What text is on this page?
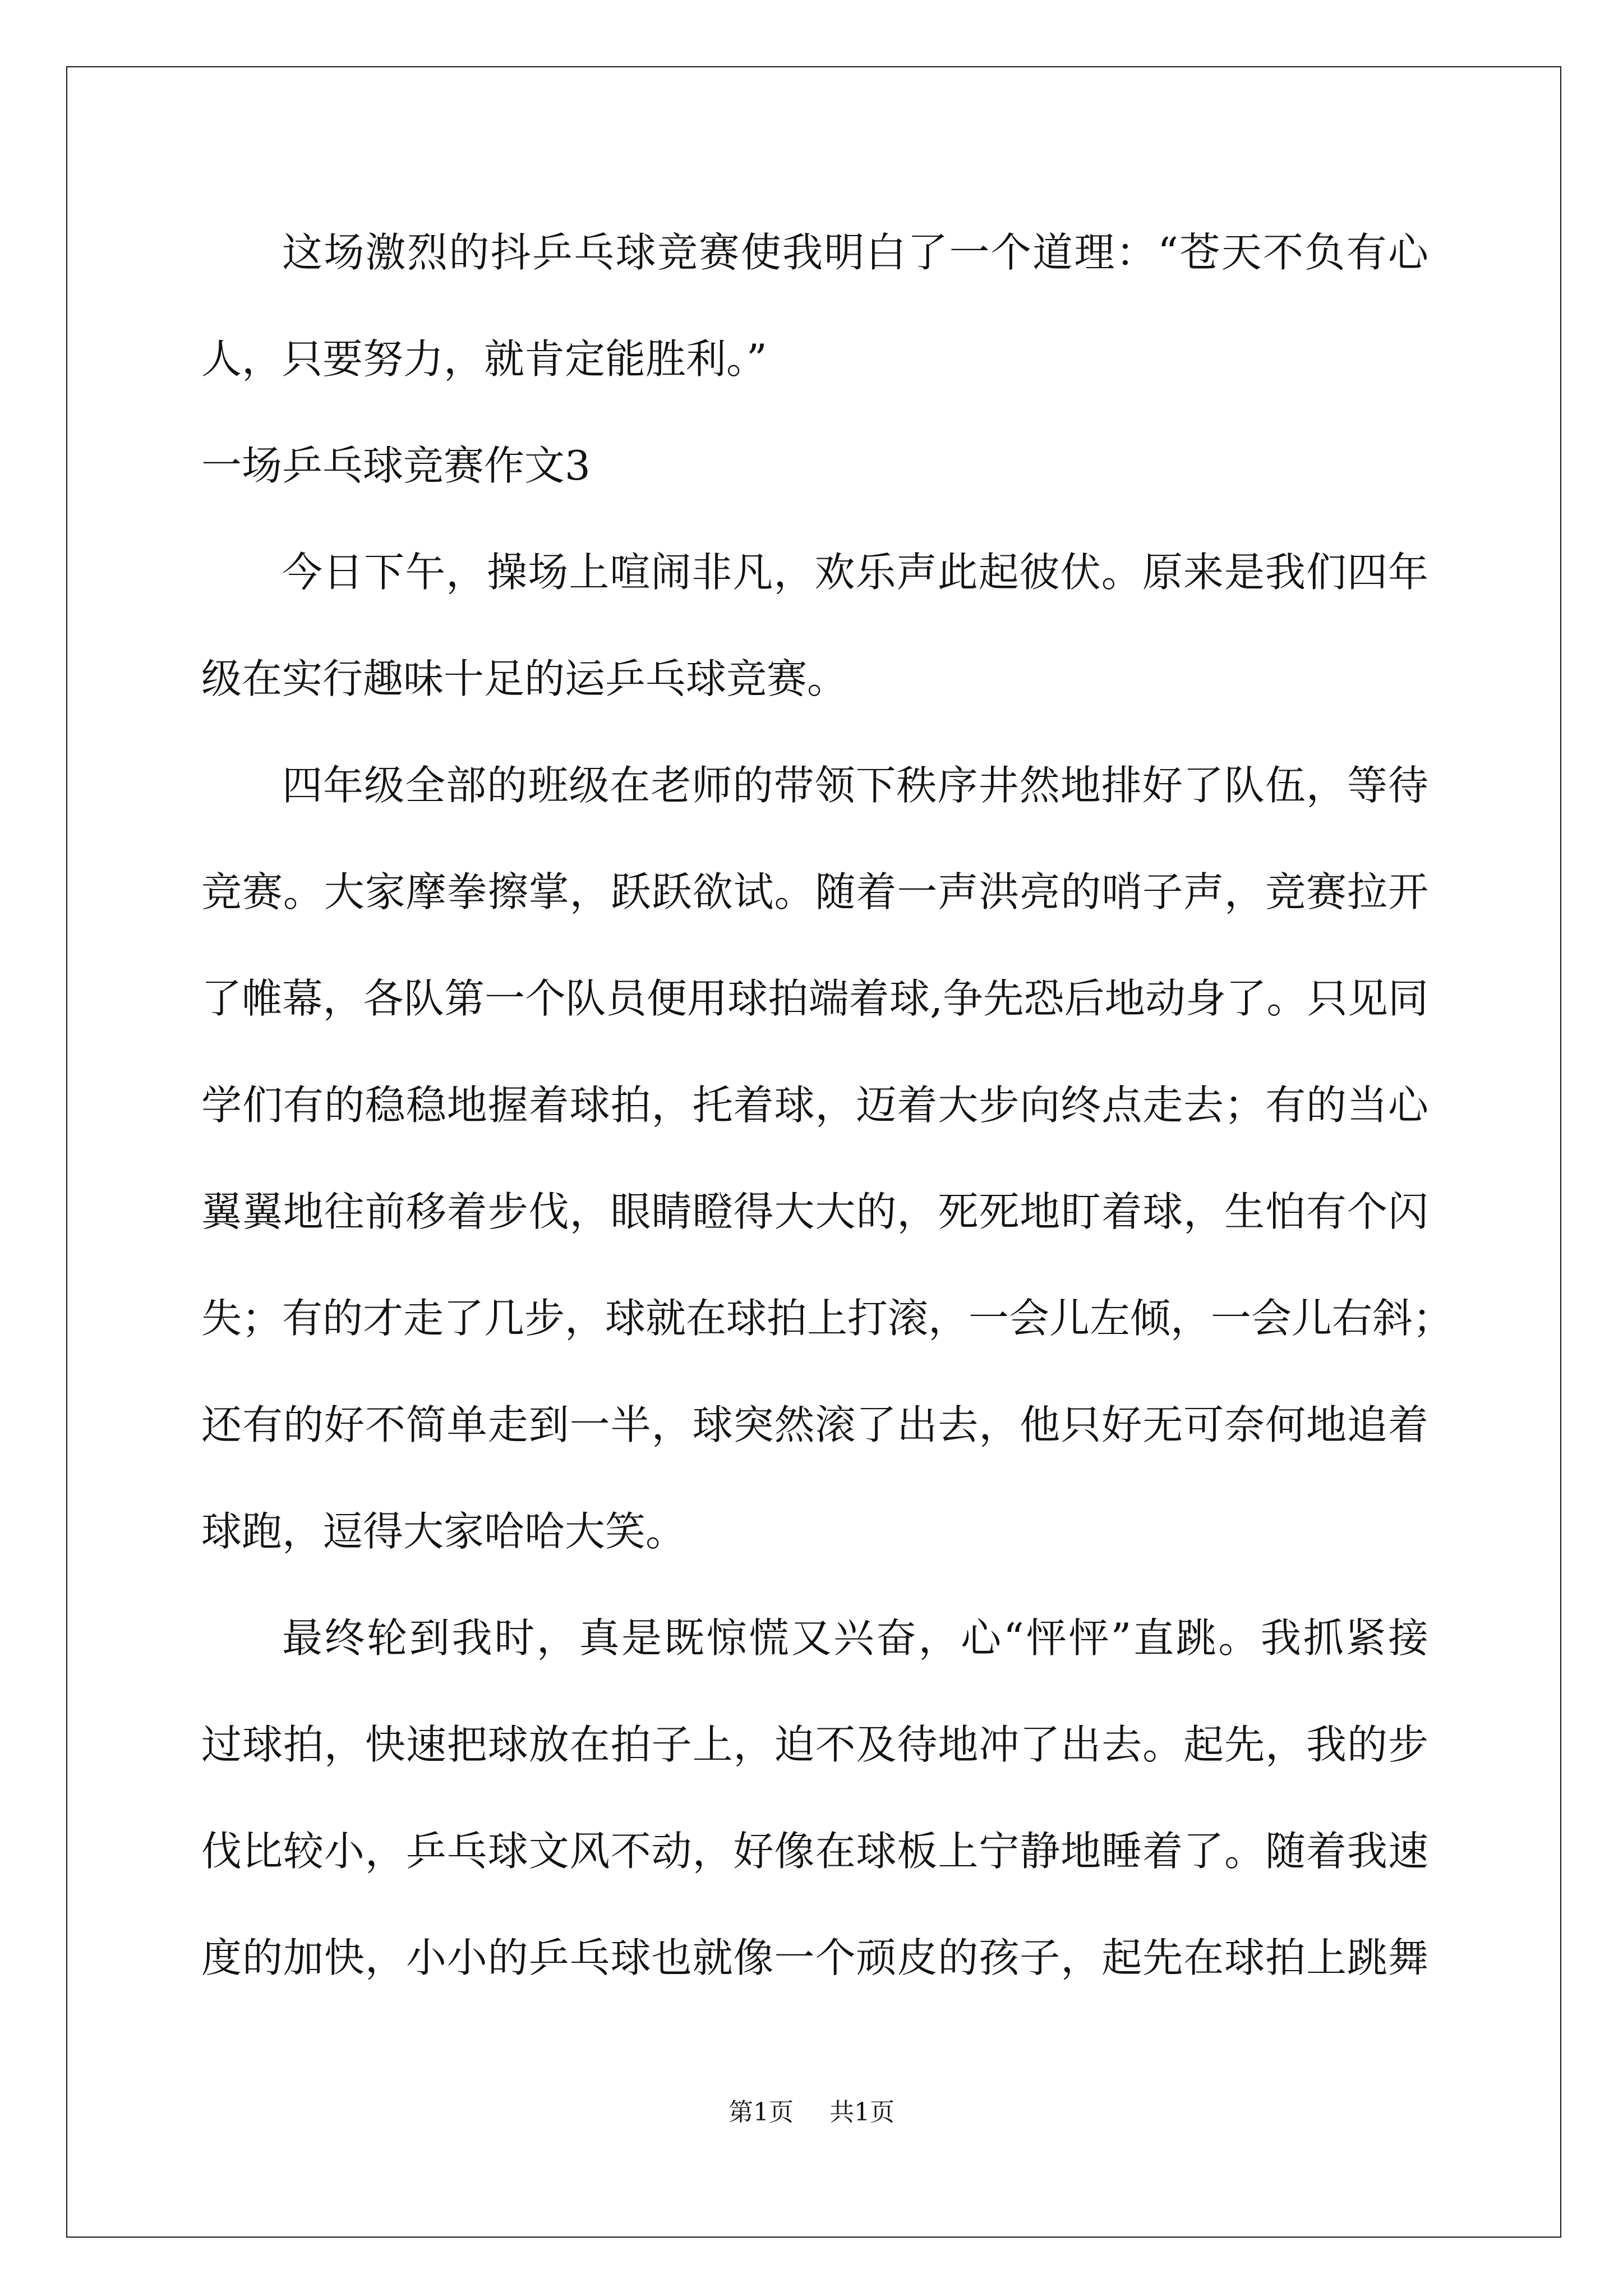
这场激烈的抖乒乓球竞赛使我明白了一个道理：“苍天不负有心
人，只要努力，就肯定能胜利。”
一场乒乓球竞赛作文3
今日下午，操场上喧闹非凡，欢乐声此起彼伏。原来是我们四年
级在实行趣味十足的运乒乓球竞赛。
四年级全部的班级在老师的带领下秩序井然地排好了队伍，等待
竞赛。大家摩拳擦掌，跃跃欲试。随着一声洪亮的哨子声，竞赛拉开
了帷幕，各队第一个队员便用球拍端着球,争先恐后地动身了。只见同
学们有的稳稳地握着球拍，托着球，迈着大步向终点走去；有的当心
翼翼地往前移着步伐，眼睛瞪得大大的，死死地盯着球，生怕有个闪
失；有的才走了几步，球就在球拍上打滚，一会儿左倾，一会儿右斜；
还有的好不简单走到一半，球突然滚了出去，他只好无可奈何地追着
球跑，逗得大家哈哈大笑。
最终轮到我时，真是既惊慌又兴奋，心“怦怦”直跳。我抓紧接
过球拍，快速把球放在拍子上，迫不及待地冲了出去。起先，我的步
伐比较小，乒乓球文风不动，好像在球板上宁静地睡着了。随着我速
度的加快，小小的乒乓球也就像一个顽皮的孩子，起先在球拍上跳舞
第1页 共1页
